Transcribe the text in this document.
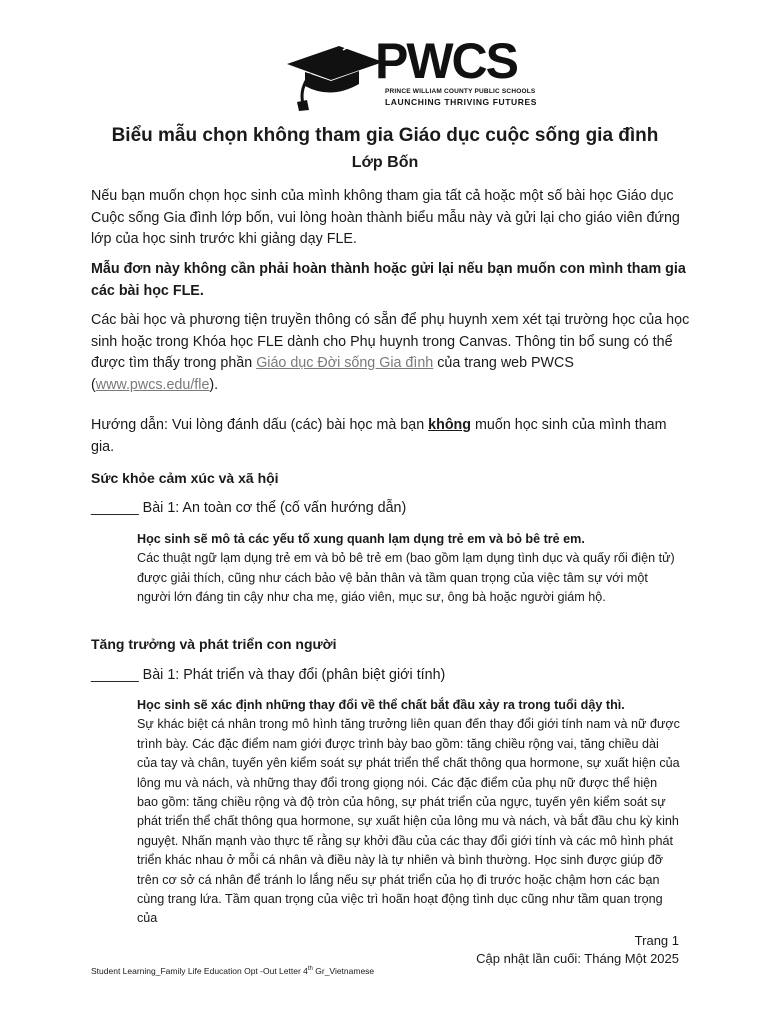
PWCS
PRINCE WILLIAM COUNTY PUBLIC SCHOOLS
LAUNCHING THRIVING FUTURES
Biểu mẫu chọn không tham gia Giáo dục cuộc sống gia đình
Lớp Bốn
Nếu bạn muốn chọn học sinh của mình không tham gia tất cả hoặc một số bài học Giáo dục Cuộc sống Gia đình lớp bốn, vui lòng hoàn thành biểu mẫu này và gửi lại cho giáo viên đứng lớp của học sinh trước khi giảng dạy FLE.
Mẫu đơn này không cần phải hoàn thành hoặc gửi lại nếu bạn muốn con mình tham gia các bài học FLE.
Các bài học và phương tiện truyền thông có sẵn để phụ huynh xem xét tại trường học của học sinh hoặc trong Khóa học FLE dành cho Phụ huynh trong Canvas. Thông tin bổ sung có thể được tìm thấy trong phần Giáo dục Đời sống Gia đình của trang web PWCS (www.pwcs.edu/fle).
Hướng dẫn: Vui lòng đánh dấu (các) bài học mà bạn không muốn học sinh của mình tham gia.
Sức khỏe cảm xúc và xã hội
______ Bài 1: An toàn cơ thể (cố vấn hướng dẫn)
Học sinh sẽ mô tả các yếu tố xung quanh lạm dụng trẻ em và bỏ bê trẻ em.
Các thuật ngữ lạm dụng trẻ em và bỏ bê trẻ em (bao gồm lạm dụng tình dục và quấy rối điện tử) được giải thích, cũng như cách bảo vệ bản thân và tầm quan trọng của việc tâm sự với một người lớn đáng tin cậy như cha mẹ, giáo viên, mục sư, ông bà hoặc người giám hộ.
Tăng trưởng và phát triển con người
______ Bài 1: Phát triển và thay đổi (phân biệt giới tính)
Học sinh sẽ xác định những thay đổi về thể chất bắt đầu xảy ra trong tuổi dậy thì.
Sự khác biệt cá nhân trong mô hình tăng trưởng liên quan đến thay đổi giới tính nam và nữ được trình bày. Các đặc điểm nam giới được trình bày bao gồm: tăng chiều rộng vai, tăng chiều dài của tay và chân, tuyến yên kiểm soát sự phát triển thể chất thông qua hormone, sự xuất hiện của lông mu và nách, và những thay đổi trong giọng nói. Các đặc điểm của phụ nữ được thể hiện bao gồm: tăng chiều rộng và độ tròn của hông, sự phát triển của ngực, tuyến yên kiểm soát sự phát triển thể chất thông qua hormone, sự xuất hiện của lông mu và nách, và bắt đầu chu kỳ kinh nguyệt. Nhấn mạnh vào thực tế rằng sự khởi đầu của các thay đổi giới tính và các mô hình phát triển khác nhau ở mỗi cá nhân và điều này là tự nhiên và bình thường. Học sinh được giúp đỡ trên cơ sở cá nhân để tránh lo lắng nếu sự phát triển của họ đi trước hoặc chậm hơn các bạn cùng trang lứa. Tầm quan trọng của việc trì hoãn hoạt động tình dục cũng như tầm quan trọng của
Trang 1
Cập nhật lần cuối: Tháng Một 2025
Student Learning_Family Life Education Opt -Out Letter 4th Gr_Vietnamese
